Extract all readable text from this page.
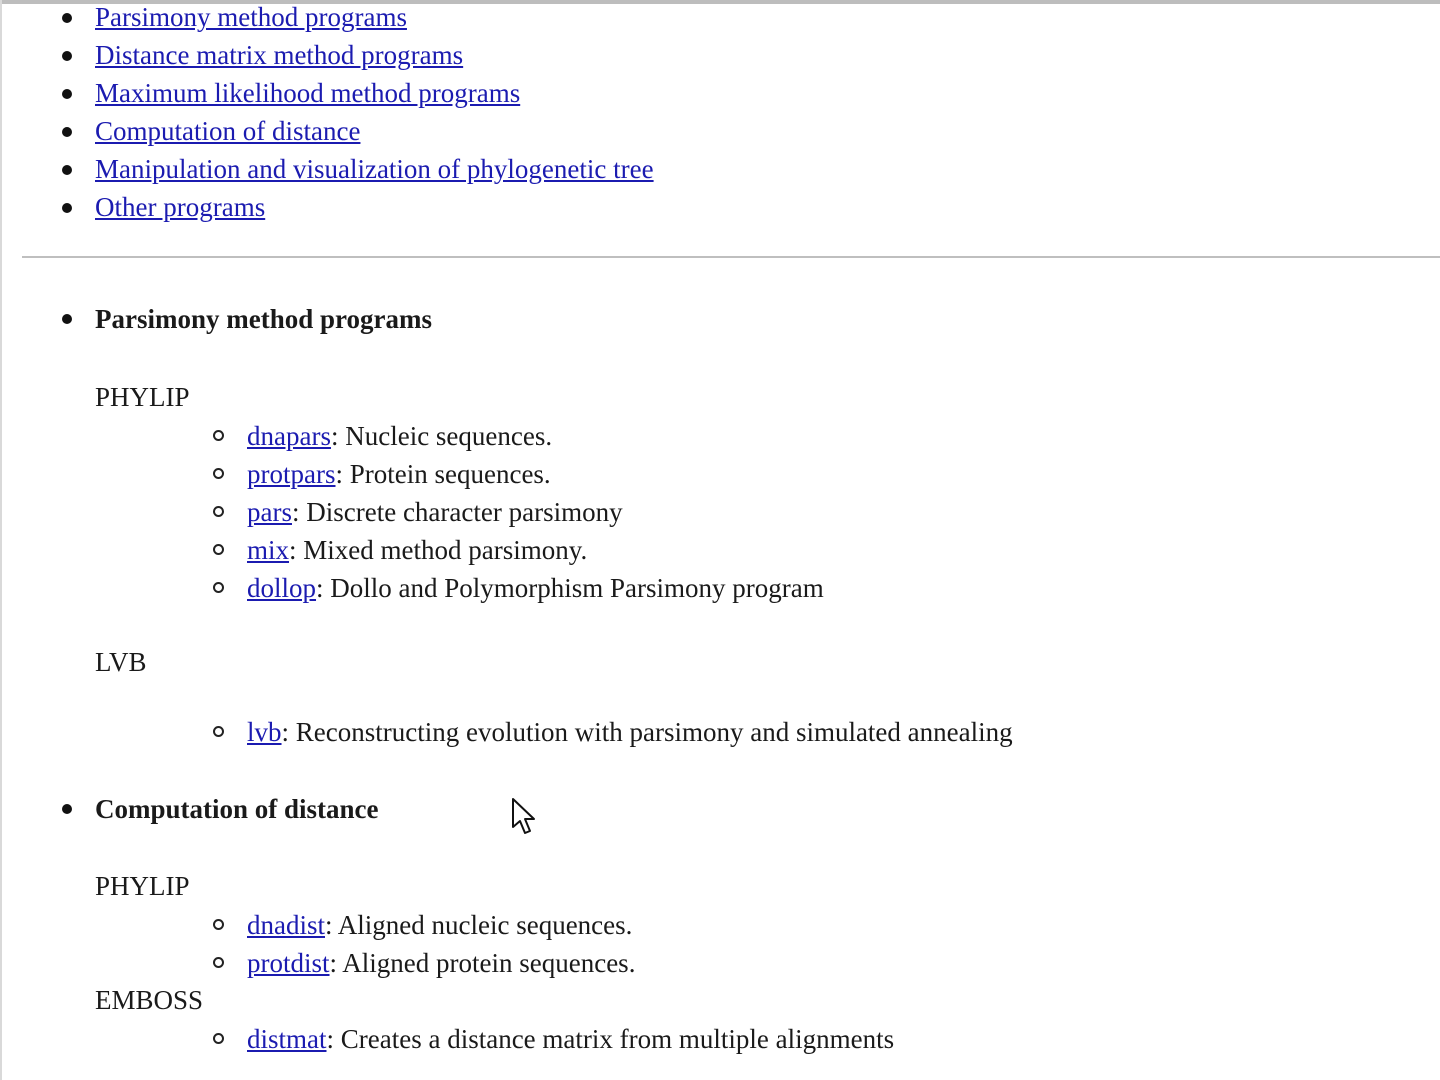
Parsimony method programs
Distance matrix method programs
Maximum likelihood method programs
Computation of distance
Manipulation and visualization of phylogenetic tree
Other programs
Parsimony method programs
PHYLIP
dnapars: Nucleic sequences.
protpars: Protein sequences.
pars: Discrete character parsimony
mix: Mixed method parsimony.
dollop: Dollo and Polymorphism Parsimony program
LVB
lvb: Reconstructing evolution with parsimony and simulated annealing
Computation of distance
PHYLIP
dnadist: Aligned nucleic sequences.
protdist: Aligned protein sequences.
EMBOSS
distmat: Creates a distance matrix from multiple alignments
